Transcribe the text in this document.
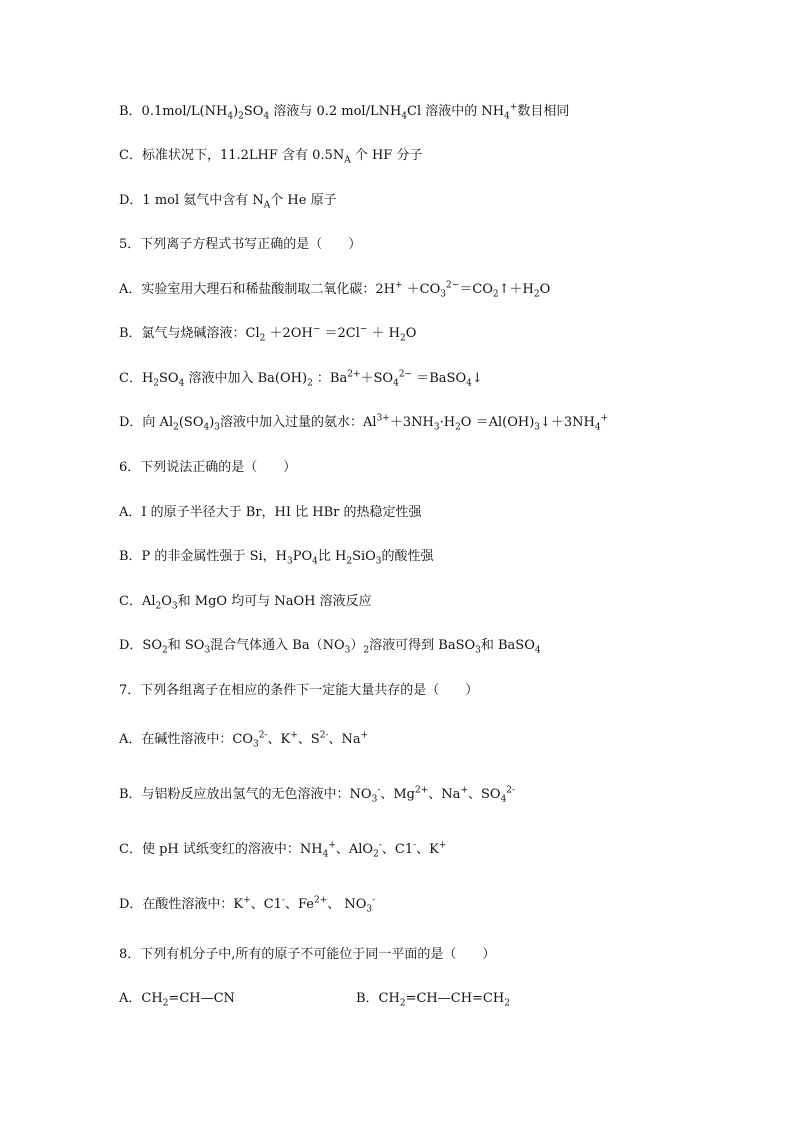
B．$0.1mol/L(NH_4)_2SO_4$ 溶液与 0.2 mol/$LNH_4Cl$ 溶液中的 $NH_4^+$数目相同
C．标准状况下，11.2LHF 含有 $0.5N_A$ 个 HF 分子
D．1 mol 氦气中含有 $N_A$个 He 原子
5．下列离子方程式书写正确的是（　　）
A．实验室用大理石和稀盐酸制取二氧化碳：$2H^+ +CO_3^{2-}=CO_2↑+H_2O$
B．氯气与烧碱溶液：$Cl_2 +2OH^- =2Cl^- + H_2O$
C．$H_2SO_4$ 溶液中加入 $Ba(OH)_2$ ：$Ba^{2+}+SO_4^{2-}$ ＝BaSO$_4$↓
D．向 $Al_2(SO_4)_3$溶液中加入过量的氨水：$Al^{3+}+3NH_3\cdot H_2O$ $=Al(OH)_3↓+3NH_4^+$
6．下列说法正确的是（　　）
A．I 的原子半径大于 Br，HI 比 HBr 的热稳定性强
B．P 的非金属性强于 Si，$H_3PO_4$比 $H_2SiO_3$的酸性强
C．$Al_2O_3$和 MgO 均可与 NaOH 溶液反应
D．$SO_2$和 $SO_3$混合气体通入 $Ba(NO_3)_2$溶液可得到 BaSO$_3$和 BaSO$_4$
7．下列各组离子在相应的条件下一定能大量共存的是（　　）
A．在碱性溶液中：$CO_3^{2-}$、K+、$S^{2-}$、Na+
B．与铝粉反应放出氢气的无色溶液中：$NO_3^-$、$Mg^{2+}$、Na+、$SO_4^{2-}$
C．使 pH 试纸变红的溶液中：$NH_4^+$、AlO$_2$-、C1-、K+
D．在酸性溶液中：K+、C1-、$Fe^{2+}$、 $NO_3^-$
8．下列有机分子中,所有的原子不可能位于同一平面的是（　　）
A．$CH_2=CH—CN$	B．$CH_2=CH—CH=CH_2$
